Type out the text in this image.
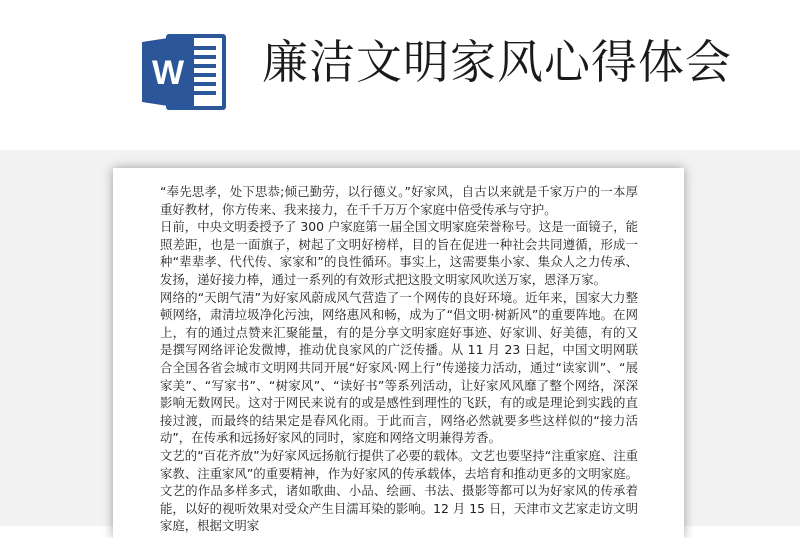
W 廉洁文明家风心得体会

“奉先思孝，处下思恭;倾己勤劳，以行德义。”好家风，自古以来就是千家万户的一本厚重好教材，你方传来、我来接力，在千千万万个家庭中倍受传承与守护。

日前，中央文明委授予了 300 户家庭第一届全国文明家庭荣誉称号。这是一面镜子，能照差距，也是一面旗子，树起了文明好榜样，目的旨在促进一种社会共同遵循，形成一种“辈辈孝、代代传、家家和”的良性循环。事实上，这需要集小家、集众人之力传承、发扬，递好接力棒，通过一系列的有效形式把这股文明家风吹送万家，恩泽万家。

网络的“天朗气清”为好家风蔚成风气营造了一个网传的良好环境。近年来，国家大力整顿网络，肃清垃圾净化污浊，网络惠风和畅，成为了“倡文明·树新风”的重要阵地。在网上，有的通过点赞来汇聚能量，有的是分享文明家庭好事迹、好家训、好美德，有的又是撰写网络评论发微博，推动优良家风的广泛传播。从 11 月 23 日起，中国文明网联合全国各省会城市文明网共同开展“好家风·网上行”传递接力活动，通过“读家训”、“展家美”、“写家书”、“树家风”、“读好书”等系列活动，让好家风风靡了整个网络，深深影响无数网民。这对于网民来说有的或是感性到理性的飞跃，有的或是理论到实践的直接过渡，而最终的结果定是春风化雨。于此而言，网络必然就要多些这样似的“接力活动”，在传承和远扬好家风的同时，家庭和网络文明兼得芳香。

文艺的“百花齐放”为好家风远扬航行提供了必要的载体。文艺也要坚持“注重家庭、注重家教、注重家风”的重要精神，作为好家风的传承载体，去培育和推动更多的文明家庭。文艺的作品多样多式，诸如歌曲、小品、绘画、书法、摄影等都可以为好家风的传承着能，以好的视听效果对受众产生目濡耳染的影响。12 月 15 日，天津市文艺家走访文明家庭，根据文明家
